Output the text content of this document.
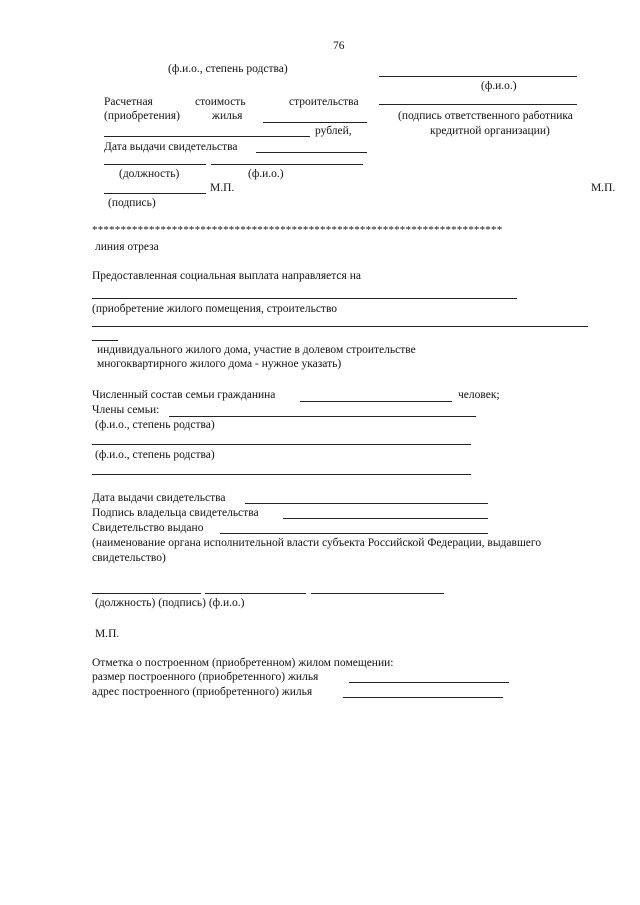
76
(ф.и.о., степень родства)
(ф.и.о.)
Расчетная	стоимость	строительства
(приобретения)	жилья	(подпись ответственного работника
рублей,	кредитной организации)
Дата выдачи свидетельства
(должность)	(ф.и.о.)
М.П.	М.П.
(подпись)
************************************************************************
линия отреза
Предоставленная социальная выплата направляется на
(приобретение жилого помещения, строительство
индивидуального жилого дома, участие в долевом строительстве
многоквартирного жилого дома - нужное указать)
Численный состав семьи гражданина	человек;
Члены семьи:
(ф.и.о., степень родства)
(ф.и.о., степень родства)
Дата выдачи свидетельства
Подпись владельца свидетельства
Свидетельство выдано
(наименование органа исполнительной власти субъекта Российской Федерации, выдавшего
свидетельство)
(должность) (подпись) (ф.и.о.)
М.П.
Отметка о построенном (приобретенном) жилом помещении:
размер построенного (приобретенного) жилья
адрес построенного (приобретенного) жилья
